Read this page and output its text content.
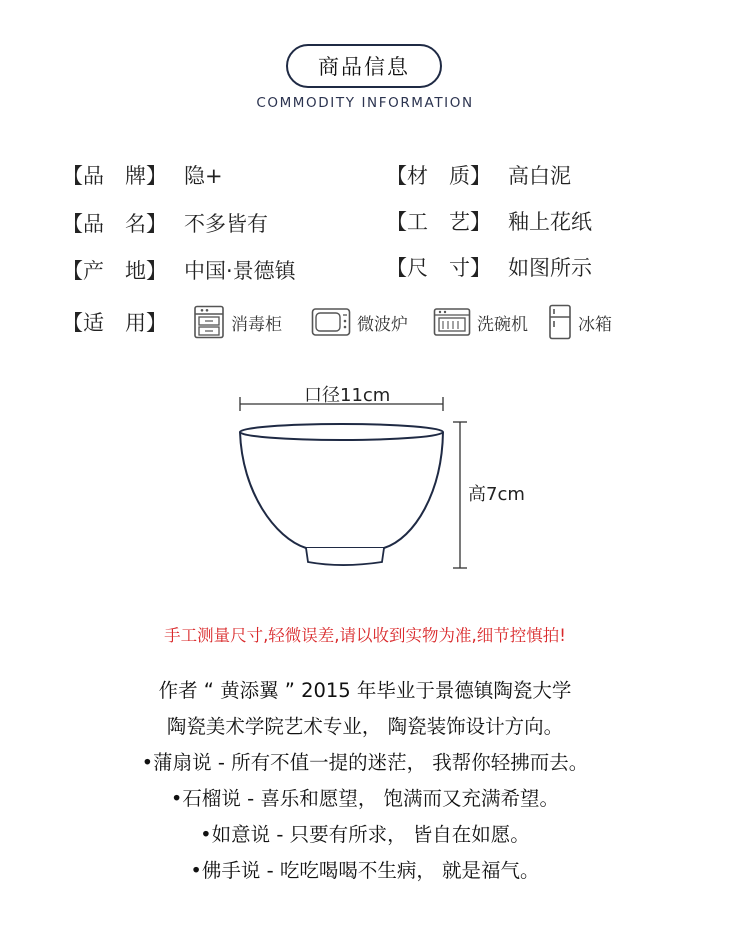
商品信息
COMMODITY INFORMATION
【品　牌】 隐+
【品　名】 不多皆有
【产　地】 中国·景德镇
【材　质】 高白泥
【工　艺】 釉上花纸
【尺　寸】 如图所示
【适　用】	消毒柜	微波炉	洗碗机	冰箱
口径11cm
高7cm
手工测量尺寸,轻微误差,请以收到实物为准,细节控慎拍!
作者 “ 黄添翼 ” 2015 年毕业于景德镇陶瓷大学
陶瓷美术学院艺术专业， 陶瓷装饰设计方向。
•蒲扇说 - 所有不值一提的迷茫， 我帮你轻拂而去。
•石榴说 - 喜乐和愿望， 饱满而又充满希望。
•如意说 - 只要有所求， 皆自在如愿。
•佛手说 - 吃吃喝喝不生病， 就是福气。
